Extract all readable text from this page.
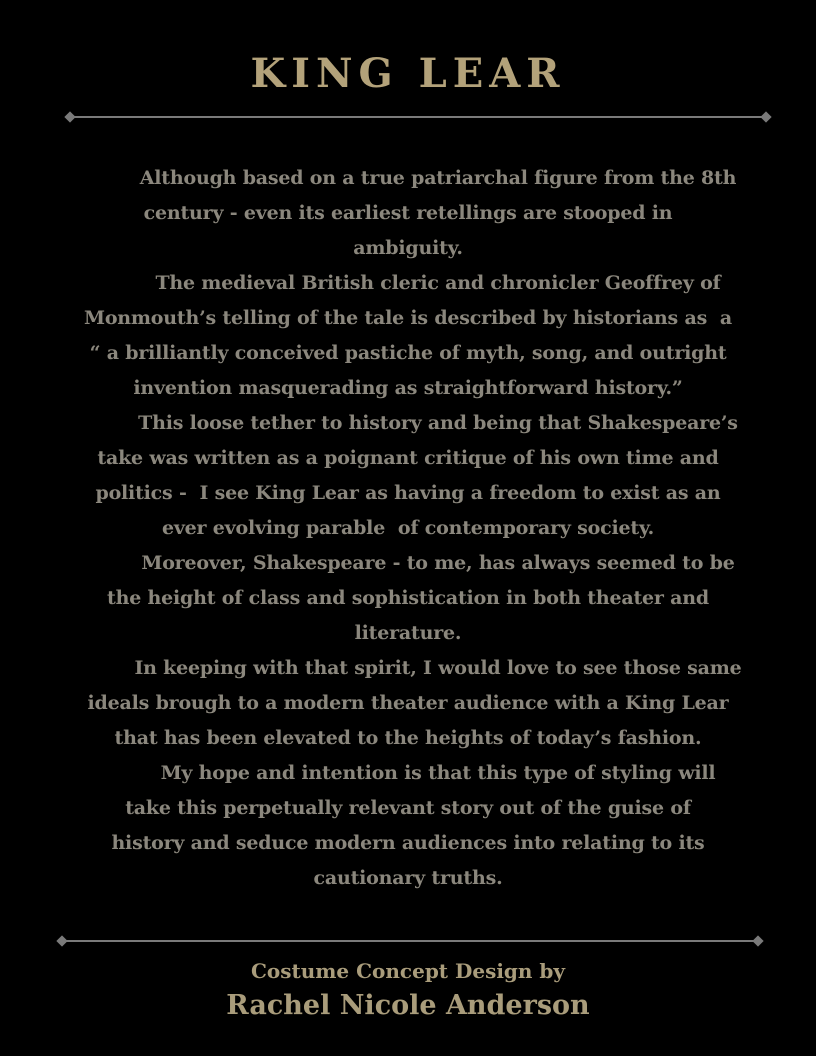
KING LEAR
Although based on a true patriarchal figure from the 8th
century - even its earliest retellings are stooped in
ambiguity.
The medieval British cleric and chronicler Geoffrey of
Monmouth’s telling of the tale is described by historians as  a
“ a brilliantly conceived pastiche of myth, song, and outright
invention masquerading as straightforward history.”
This loose tether to history and being that Shakespeare’s
take was written as a poignant critique of his own time and
politics -  I see King Lear as having a freedom to exist as an
ever evolving parable  of contemporary society.
Moreover, Shakespeare - to me, has always seemed to be
the height of class and sophistication in both theater and
literature.
In keeping with that spirit, I would love to see those same
ideals brough to a modern theater audience with a King Lear
that has been elevated to the heights of today’s fashion.
My hope and intention is that this type of styling will
take this perpetually relevant story out of the guise of
history and seduce modern audiences into relating to its
cautionary truths.
Costume Concept Design by
Rachel Nicole Anderson
